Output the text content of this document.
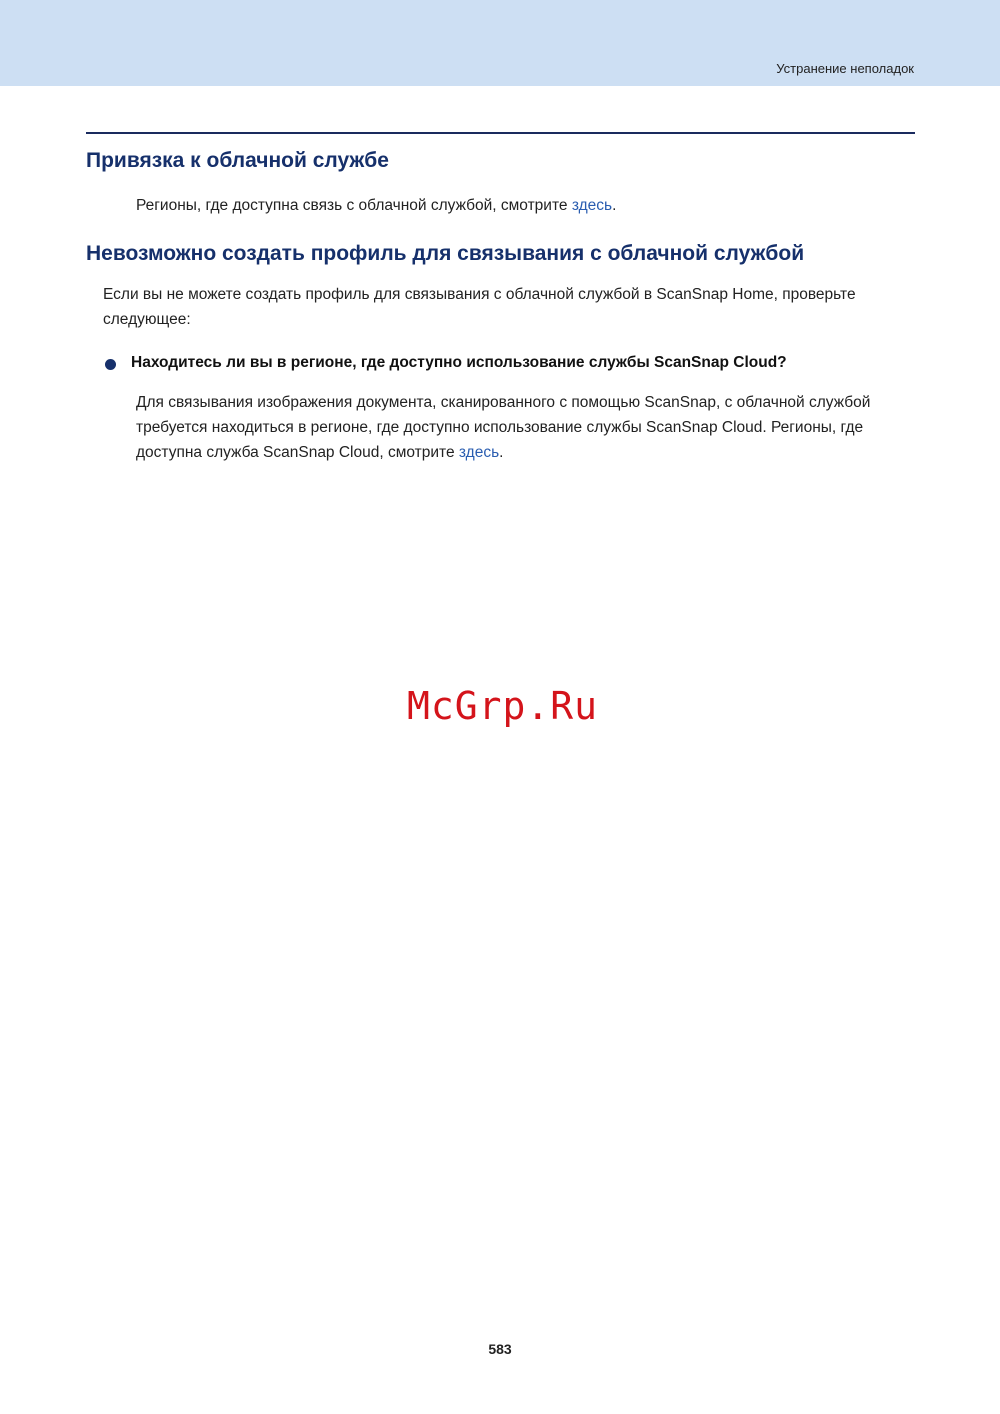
Устранение неполадок
Привязка к облачной службе

Регионы, где доступна связь с облачной службой, смотрите здесь.

Невозможно создать профиль для связывания с облачной службой

Если вы не можете создать профиль для связывания с облачной службой в ScanSnap Home, проверьте следующее:

Находитесь ли вы в регионе, где доступно использование службы ScanSnap Cloud?

Для связывания изображения документа, сканированного с помощью ScanSnap, с облачной службой требуется находиться в регионе, где доступно использование службы ScanSnap Cloud. Регионы, где доступна служба ScanSnap Cloud, смотрите здесь.

McGrp.Ru
583
